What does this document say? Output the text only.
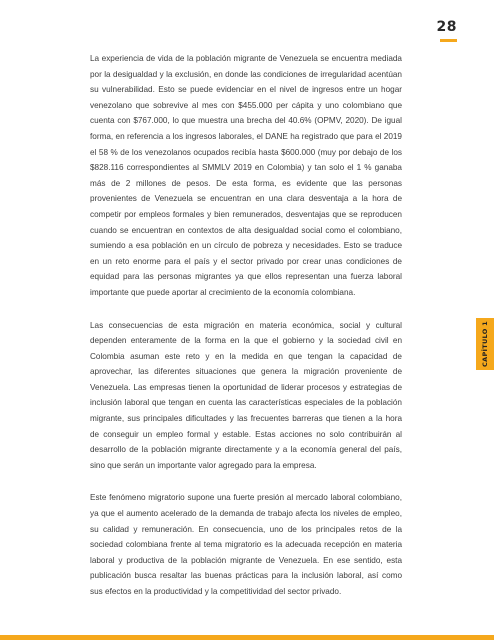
28
CAPÍTULO 1

La experiencia de vida de la población migrante de Venezuela se encuentra mediada por la desigualdad y la exclusión, en donde las condiciones de irregularidad acentúan su vulnerabilidad. Esto se puede evidenciar en el nivel de ingresos entre un hogar venezolano que sobrevive al mes con $455.000 per cápita y uno colombiano que cuenta con $767.000, lo que muestra una brecha del 40.6% (OPMV, 2020). De igual forma, en referencia a los ingresos laborales, el DANE ha registrado que para el 2019 el 58 % de los venezolanos ocupados recibía hasta $600.000 (muy por debajo de los $828.116 correspondientes al SMMLV 2019 en Colombia) y tan solo el 1 % ganaba más de 2 millones de pesos. De esta forma, es evidente que las personas provenientes de Venezuela se encuentran en una clara desventaja a la hora de competir por empleos formales y bien remunerados, desventajas que se reproducen cuando se encuentran en contextos de alta desigualdad social como el colombiano, sumiendo a esa población en un círculo de pobreza y necesidades. Esto se traduce en un reto enorme para el país y el sector privado por crear unas condiciones de equidad para las personas migrantes ya que ellos representan una fuerza laboral importante que puede aportar al crecimiento de la economía colombiana.

Las consecuencias de esta migración en materia económica, social y cultural dependen enteramente de la forma en la que el gobierno y la sociedad civil en Colombia asuman este reto y en la medida en que tengan la capacidad de aprovechar, las diferentes situaciones que genera la migración proveniente de Venezuela. Las empresas tienen la oportunidad de liderar procesos y estrategias de inclusión laboral que tengan en cuenta las características especiales de la población migrante, sus principales dificultades y las frecuentes barreras que tienen a la hora de conseguir un empleo formal y estable. Estas acciones no solo contribuirán al desarrollo de la población migrante directamente y a la economía general del país, sino que serán un importante valor agregado para la empresa.

Este fenómeno migratorio supone una fuerte presión al mercado laboral colombiano, ya que el aumento acelerado de la demanda de trabajo afecta los niveles de empleo, su calidad y remuneración. En consecuencia, uno de los principales retos de la sociedad colombiana frente al tema migratorio es la adecuada recepción en materia laboral y productiva de la población migrante de Venezuela. En ese sentido, esta publicación busca resaltar las buenas prácticas para la inclusión laboral, así como sus efectos en la productividad y la competitividad del sector privado.
